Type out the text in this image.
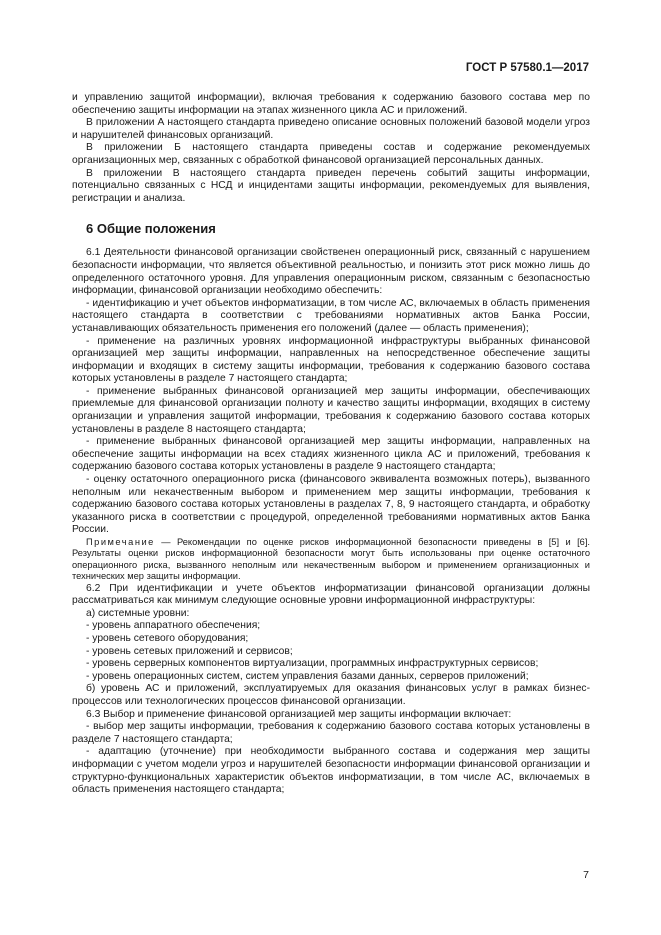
ГОСТ Р 57580.1—2017

и управлению защитой информации), включая требования к содержанию базового состава мер по обеспечению защиты информации на этапах жизненного цикла АС и приложений.

В приложении А настоящего стандарта приведено описание основных положений базовой модели угроз и нарушителей финансовых организаций.

В приложении Б настоящего стандарта приведены состав и содержание рекомендуемых организационных мер, связанных с обработкой финансовой организацией персональных данных.

В приложении В настоящего стандарта приведен перечень событий защиты информации, потенциально связанных с НСД и инцидентами защиты информации, рекомендуемых для выявления, регистрации и анализа.

6 Общие положения

6.1 Деятельности финансовой организации свойственен операционный риск, связанный с нарушением безопасности информации, что является объективной реальностью, и понизить этот риск можно лишь до определенного остаточного уровня. Для управления операционным риском, связанным с безопасностью информации, финансовой организации необходимо обеспечить:

- идентификацию и учет объектов информатизации, в том числе АС, включаемых в область применения настоящего стандарта в соответствии с требованиями нормативных актов Банка России, устанавливающих обязательность применения его положений (далее — область применения);

- применение на различных уровнях информационной инфраструктуры выбранных финансовой организацией мер защиты информации, направленных на непосредственное обеспечение защиты информации и входящих в систему защиты информации, требования к содержанию базового состава которых установлены в разделе 7 настоящего стандарта;

- применение выбранных финансовой организацией мер защиты информации, обеспечивающих приемлемые для финансовой организации полноту и качество защиты информации, входящих в систему организации и управления защитой информации, требования к содержанию базового состава которых установлены в разделе 8 настоящего стандарта;

- применение выбранных финансовой организацией мер защиты информации, направленных на обеспечение защиты информации на всех стадиях жизненного цикла АС и приложений, требования к содержанию базового состава которых установлены в разделе 9 настоящего стандарта;

- оценку остаточного операционного риска (финансового эквивалента возможных потерь), вызванного неполным или некачественным выбором и применением мер защиты информации, требования к содержанию базового состава которых установлены в разделах 7, 8, 9 настоящего стандарта, и обработку указанного риска в соответствии с процедурой, определенной требованиями нормативных актов Банка России.

Примечание — Рекомендации по оценке рисков информационной безопасности приведены в [5] и [6]. Результаты оценки рисков информационной безопасности могут быть использованы при оценке остаточного операционного риска, вызванного неполным или некачественным выбором и применением организационных и технических мер защиты информации.

6.2 При идентификации и учете объектов информатизации финансовой организации должны рассматриваться как минимум следующие основные уровни информационной инфраструктуры:

а) системные уровни:

- уровень аппаратного обеспечения;

- уровень сетевого оборудования;

- уровень сетевых приложений и сервисов;

- уровень серверных компонентов виртуализации, программных инфраструктурных сервисов;

- уровень операционных систем, систем управления базами данных, серверов приложений;

б) уровень АС и приложений, эксплуатируемых для оказания финансовых услуг в рамках бизнес-процессов или технологических процессов финансовой организации.

6.3 Выбор и применение финансовой организацией мер защиты информации включает:

- выбор мер защиты информации, требования к содержанию базового состава которых установлены в разделе 7 настоящего стандарта;

- адаптацию (уточнение) при необходимости выбранного состава и содержания мер защиты информации с учетом модели угроз и нарушителей безопасности информации финансовой организации и структурно-функциональных характеристик объектов информатизации, в том числе АС, включаемых в область применения настоящего стандарта;

7
